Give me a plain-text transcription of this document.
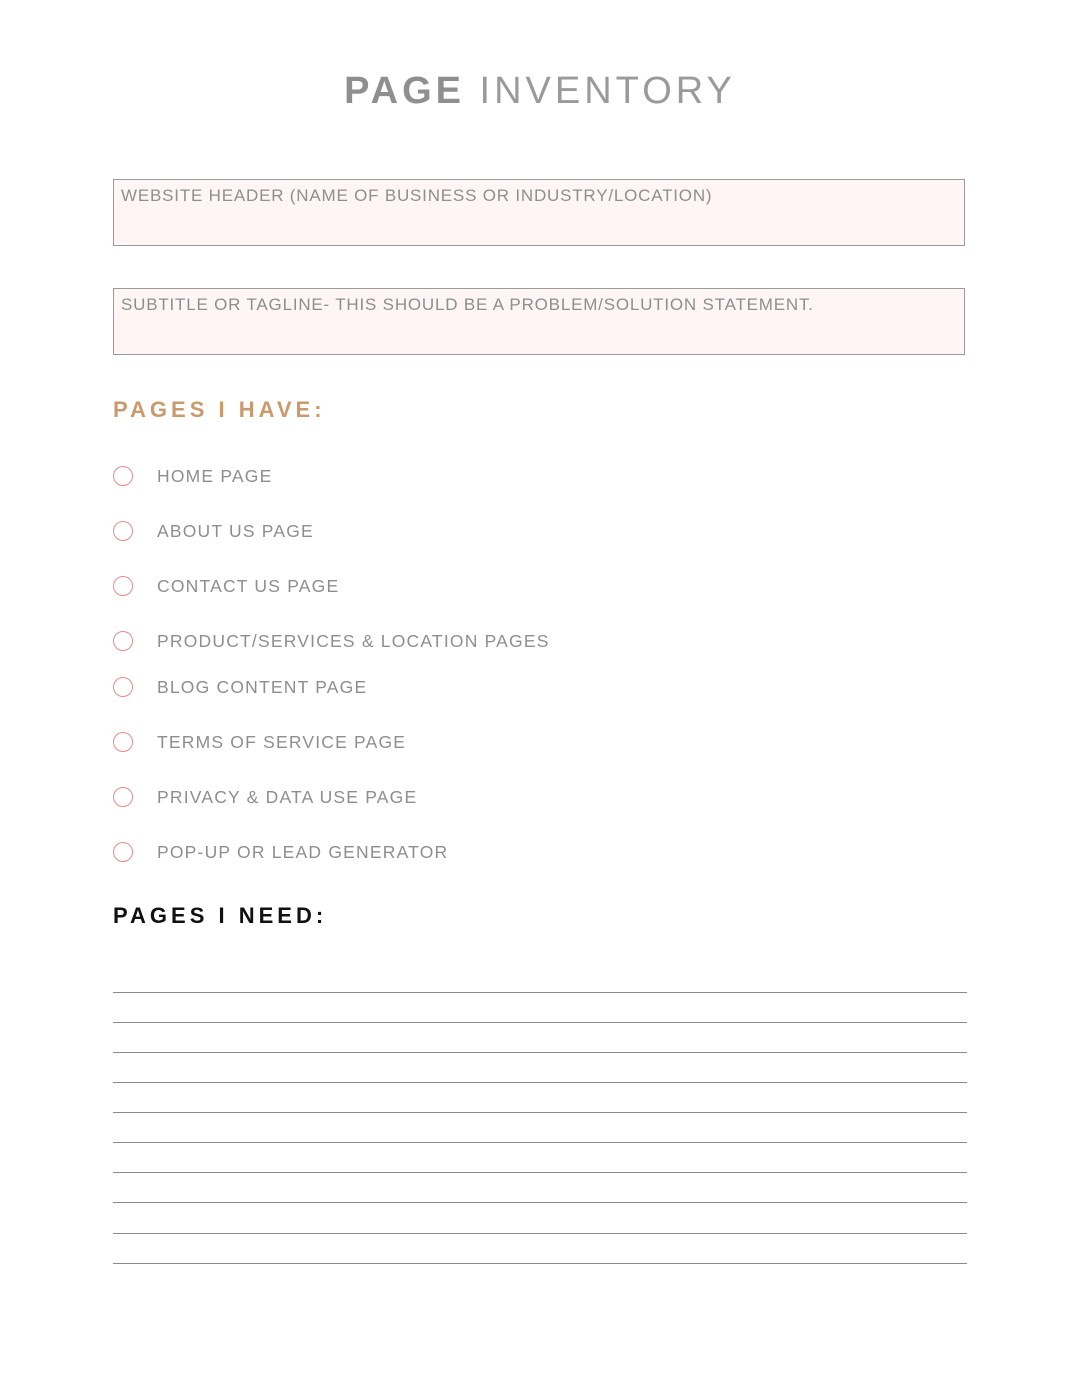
PAGE INVENTORY
WEBSITE HEADER (NAME OF BUSINESS OR INDUSTRY/LOCATION)
SUBTITLE OR TAGLINE- THIS SHOULD BE A PROBLEM/SOLUTION STATEMENT.
PAGES I HAVE:
HOME PAGE
ABOUT US PAGE
CONTACT US PAGE
PRODUCT/SERVICES & LOCATION PAGES
BLOG CONTENT PAGE
TERMS OF SERVICE PAGE
PRIVACY & DATA USE PAGE
POP-UP OR LEAD GENERATOR
PAGES I NEED:
